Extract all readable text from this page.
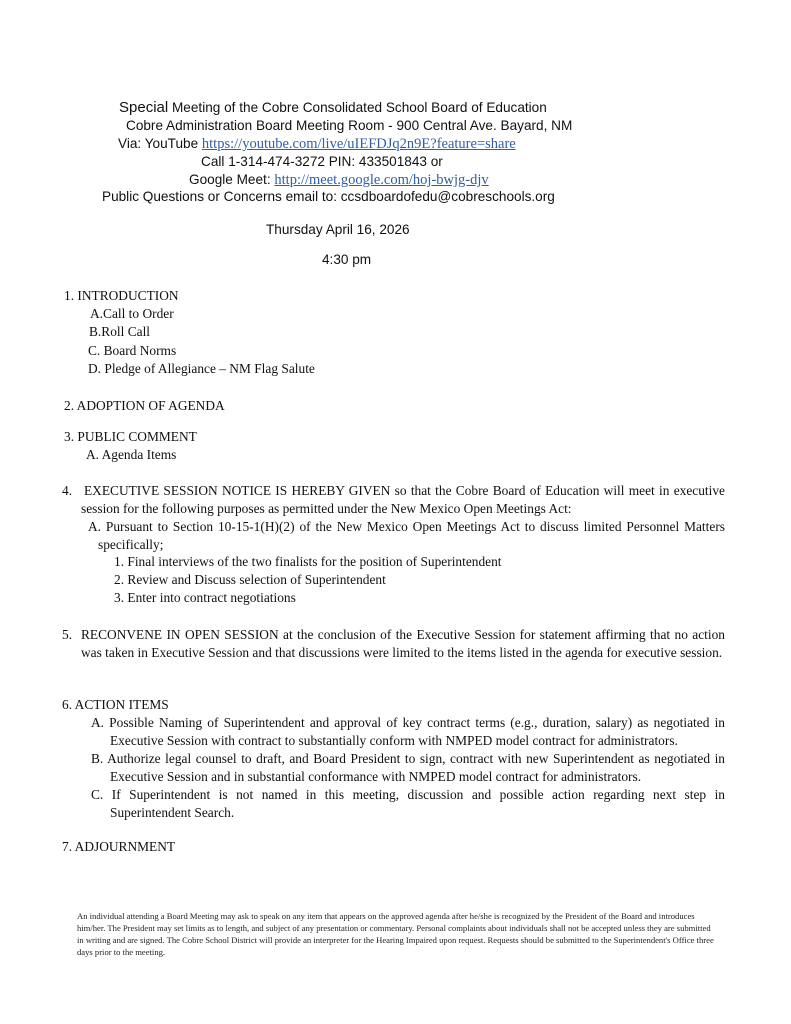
Special Meeting of the Cobre Consolidated School Board of Education
Cobre Administration Board Meeting Room - 900 Central Ave. Bayard, NM
Via: YouTube https://youtube.com/live/uIEFDJq2n9E?feature=share
Call 1-314-474-3272 PIN: 433501843 or
Google Meet: http://meet.google.com/hoj-bwjg-djv
Public Questions or Concerns email to: ccsdboardofedu@cobreschools.org
Thursday April 16, 2026
4:30 pm
1. INTRODUCTION
A.Call to Order
B.Roll Call
C. Board Norms
D. Pledge of Allegiance – NM Flag Salute
2. ADOPTION OF AGENDA
3. PUBLIC COMMENT
A. Agenda Items
4. EXECUTIVE SESSION NOTICE IS HEREBY GIVEN so that the Cobre Board of Education will meet in executive session for the following purposes as permitted under the New Mexico Open Meetings Act:
A. Pursuant to Section 10-15-1(H)(2) of the New Mexico Open Meetings Act to discuss limited Personnel Matters specifically;
1. Final interviews of the two finalists for the position of Superintendent
2. Review and Discuss selection of Superintendent
3. Enter into contract negotiations
5. RECONVENE IN OPEN SESSION at the conclusion of the Executive Session for statement affirming that no action was taken in Executive Session and that discussions were limited to the items listed in the agenda for executive session.
6. ACTION ITEMS
A. Possible Naming of Superintendent and approval of key contract terms (e.g., duration, salary) as negotiated in Executive Session with contract to substantially conform with NMPED model contract for administrators.
B. Authorize legal counsel to draft, and Board President to sign, contract with new Superintendent as negotiated in Executive Session and in substantial conformance with NMPED model contract for administrators.
C. If Superintendent is not named in this meeting, discussion and possible action regarding next step in Superintendent Search.
7. ADJOURNMENT
An individual attending a Board Meeting may ask to speak on any item that appears on the approved agenda after he/she is recognized by the President of the Board and introduces him/her. The President may set limits as to length, and subject of any presentation or commentary. Personal complaints about individuals shall not be accepted unless they are submitted in writing and are signed. The Cobre School District will provide an interpreter for the Hearing Impaired upon request. Requests should be submitted to the Superintendent's Office three days prior to the meeting.
